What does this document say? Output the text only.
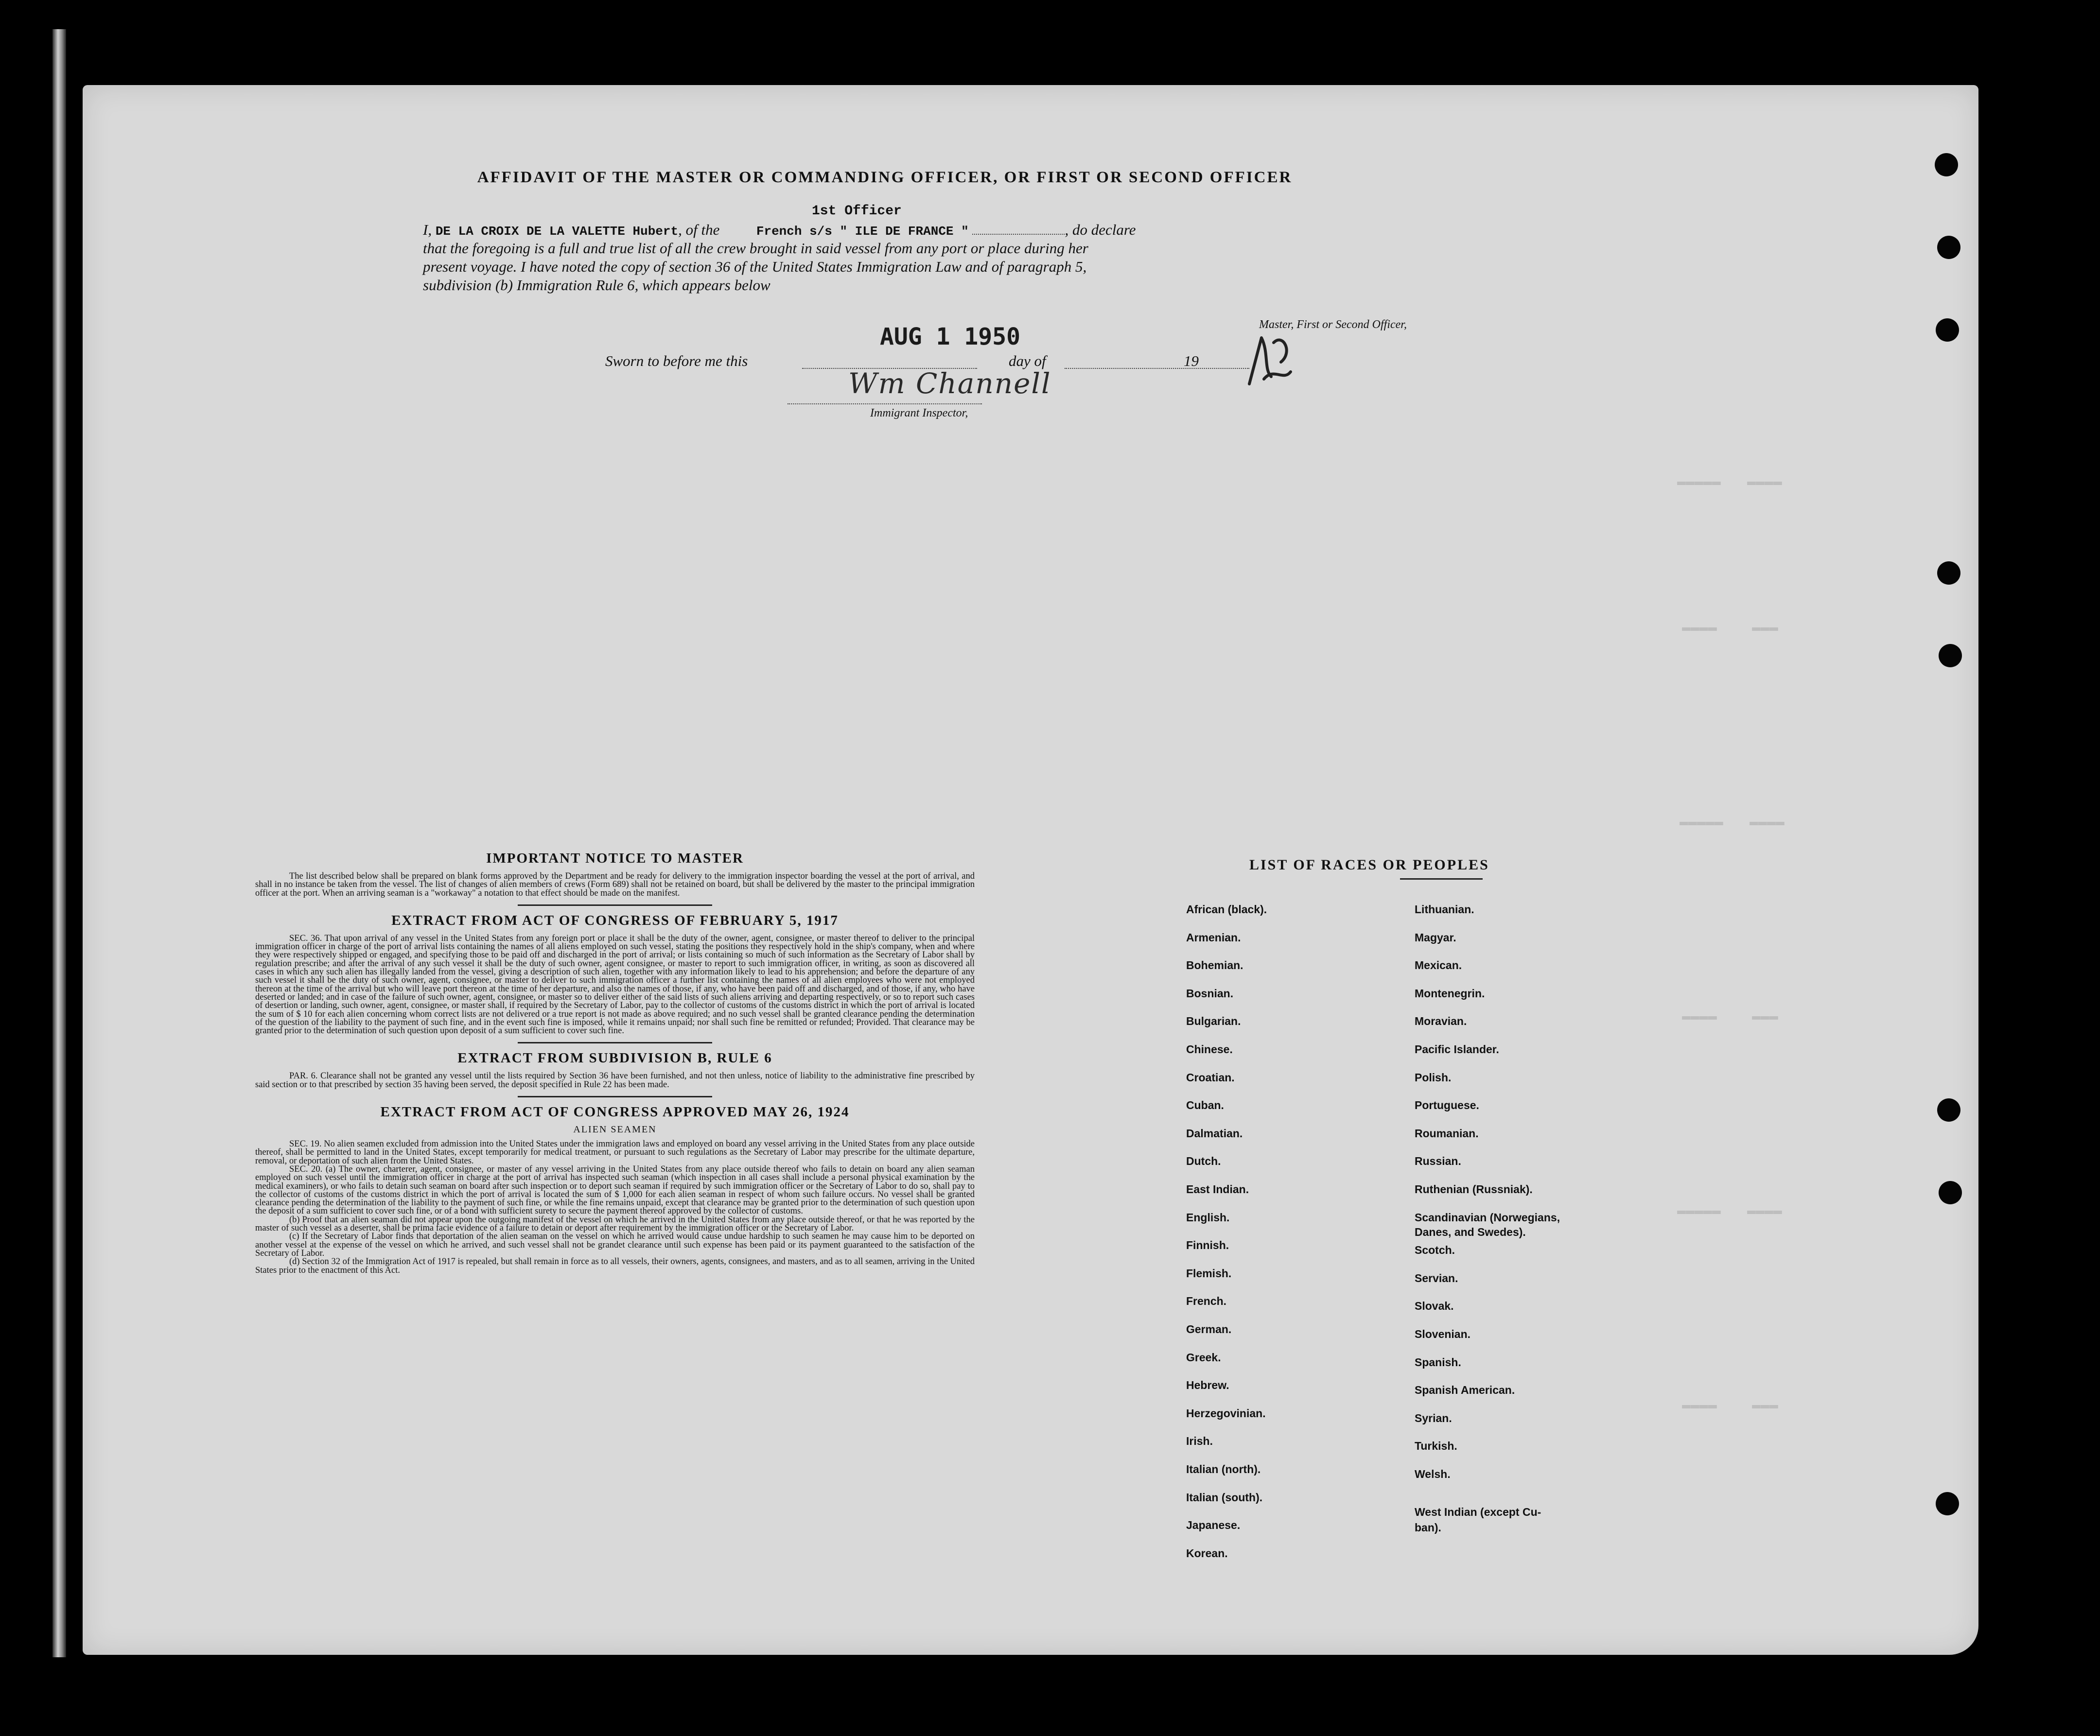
▬▬▬▬▬   ▬▬▬▬
▬▬▬▬    ▬▬▬
▬▬▬▬▬   ▬▬▬▬
▬▬▬▬    ▬▬▬
▬▬▬▬▬   ▬▬▬▬
▬▬▬▬    ▬▬▬
AFFIDAVIT OF THE MASTER OR COMMANDING OFFICER, OR FIRST OR SECOND OFFICER
1st Officer
I, DE LA CROIX DE LA VALETTE Hubert, of the	French s/s " ILE DE FRANCE "	, do declare
that the foregoing is a full and true list of all the crew brought in said vessel from any port or place during her
present voyage. I have noted the copy of section 36 of the United States Immigration Law and of paragraph 5,
subdivision (b) Immigration Rule 6, which appears below
Master, First or Second Officer,
Sworn to before me this
AUG 1 1950
day of	19
Wm Channell
Immigrant Inspector,
IMPORTANT NOTICE TO MASTER

The list described below shall be prepared on blank forms approved by the Department and be ready for delivery to the immigration inspector boarding the vessel at the port of arrival, and shall in no instance be taken from the vessel. The list of changes of alien members of crews (Form 689) shall not be retained on board, but shall be delivered by the master to the principal immigration officer at the port. When an arriving seaman is a "workaway" a notation to that effect should be made on the manifest.

EXTRACT FROM ACT OF CONGRESS OF FEBRUARY 5, 1917

SEC. 36. That upon arrival of any vessel in the United States from any foreign port or place it shall be the duty of the owner, agent, consignee, or master thereof to deliver to the principal immigration officer in charge of the port of arrival lists containing the names of all aliens employed on such vessel, stating the positions they respectively hold in the ship's company, when and where they were respectively shipped or engaged, and specifying those to be paid off and discharged in the port of arrival; or lists containing so much of such information as the Secretary of Labor shall by regulation prescribe; and after the arrival of any such vessel it shall be the duty of such owner, agent consignee, or master to report to such immigration officer, in writing, as soon as discovered all cases in which any such alien has illegally landed from the vessel, giving a description of such alien, together with any information likely to lead to his apprehension; and before the departure of any such vessel it shall be the duty of such owner, agent, consignee, or master to deliver to such immigration officer a further list containing the names of all alien employees who were not employed thereon at the time of the arrival but who will leave port thereon at the time of her departure, and also the names of those, if any, who have been paid off and discharged, and of those, if any, who have deserted or landed; and in case of the failure of such owner, agent, consignee, or master so to deliver either of the said lists of such aliens arriving and departing respectively, or so to report such cases of desertion or landing, such owner, agent, consignee, or master shall, if required by the Secretary of Labor, pay to the collector of customs of the customs district in which the port of arrival is located the sum of $ 10 for each alien concerning whom correct lists are not delivered or a true report is not made as above required; and no such vessel shall be granted clearance pending the determination of the question of the liability to the payment of such fine, and in the event such fine is imposed, while it remains unpaid; nor shall such fine be remitted or refunded; Provided. That clearance may be granted prior to the determination of such question upon deposit of a sum sufficient to cover such fine.

EXTRACT FROM SUBDIVISION B, RULE 6

PAR. 6. Clearance shall not be granted any vessel until the lists required by Section 36 have been furnished, and not then unless, notice of liability to the administrative fine prescribed by said section or to that prescribed by section 35 having been served, the deposit specified in Rule 22 has been made.

EXTRACT FROM ACT OF CONGRESS APPROVED MAY 26, 1924
ALIEN SEAMEN

SEC. 19. No alien seamen excluded from admission into the United States under the immigration laws and employed on board any vessel arriving in the United States from any place outside thereof, shall be permitted to land in the United States, except temporarily for medical treatment, or pursuant to such regulations as the Secretary of Labor may prescribe for the ultimate departure, removal, or deportation of such alien from the United States.

SEC. 20. (a) The owner, charterer, agent, consignee, or master of any vessel arriving in the United States from any place outside thereof who fails to detain on board any alien seaman employed on such vessel until the immigration officer in charge at the port of arrival has inspected such seaman (which inspection in all cases shall include a personal physical examination by the medical examiners), or who fails to detain such seaman on board after such inspection or to deport such seaman if required by such immigration officer or the Secretary of Labor to do so, shall pay to the collector of customs of the customs district in which the port of arrival is located the sum of $ 1,000 for each alien seaman in respect of whom such failure occurs. No vessel shall be granted clearance pending the determination of the liability to the payment of such fine, or while the fine remains unpaid, except that clearance may be granted prior to the determination of such question upon the deposit of a sum sufficient to cover such fine, or of a bond with sufficient surety to secure the payment thereof approved by the collector of customs.

(b) Proof that an alien seaman did not appear upon the outgoing manifest of the vessel on which he arrived in the United States from any place outside thereof, or that he was reported by the master of such vessel as a deserter, shall be prima facie evidence of a failure to detain or deport after requirement by the immigration officer or the Secretary of Labor.

(c) If the Secretary of Labor finds that deportation of the alien seaman on the vessel on which he arrived would cause undue hardship to such seamen he may cause him to be deported on another vessel at the expense of the vessel on which he arrived, and such vessel shall not be grandet clearance until such expense has been paid or its payment guaranteed to the satisfaction of the Secretary of Labor.

(d) Section 32 of the Immigration Act of 1917 is repealed, but shall remain in force as to all vessels, their owners, agents, consignees, and masters, and as to all seamen, arriving in the United States prior to the enactment of this Act.

LIST OF RACES OR PEOPLES
African (black).
Armenian.
Bohemian.
Bosnian.
Bulgarian.
Chinese.
Croatian.
Cuban.
Dalmatian.
Dutch.
East Indian.
English.
Finnish.
Flemish.
French.
German.
Greek.
Hebrew.
Herzegovinian.
Irish.
Italian (north).
Italian (south).
Japanese.
Korean.
Lithuanian.
Magyar.
Mexican.
Montenegrin.
Moravian.
Pacific Islander.
Polish.
Portuguese.
Roumanian.
Russian.
Ruthenian (Russniak).
Scandinavian (Norwegians,
Danes, and Swedes).
Scotch.
Servian.
Slovak.
Slovenian.
Spanish.
Spanish American.
Syrian.
Turkish.
Welsh.
West Indian (except Cu-
ban).
